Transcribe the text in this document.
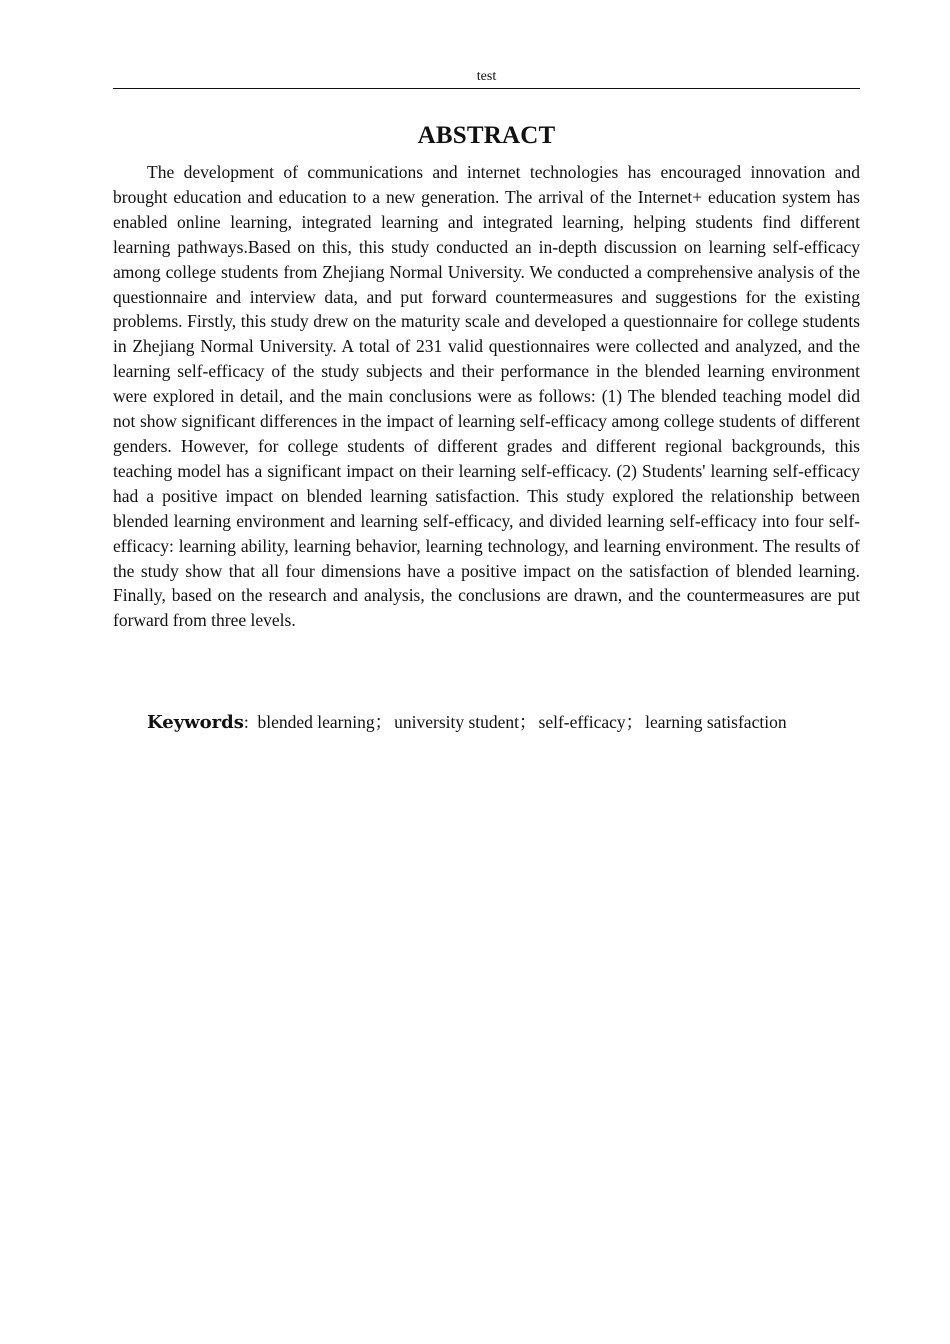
test
ABSTRACT

The development of communications and internet technologies has encouraged innovation and brought education and education to a new generation. The arrival of the Internet+ education system has enabled online learning, integrated learning and integrated learning, helping students find different learning pathways.Based on this, this study conducted an in-depth discussion on learning self-efficacy among college students from Zhejiang Normal University. We conducted a comprehensive analysis of the questionnaire and interview data, and put forward countermeasures and suggestions for the existing problems. Firstly, this study drew on the maturity scale and developed a questionnaire for college students in Zhejiang Normal University. A total of 231 valid questionnaires were collected and analyzed, and the learning self-efficacy of the study subjects and their performance in the blended learning environment were explored in detail, and the main conclusions were as follows: (1) The blended teaching model did not show significant differences in the impact of learning self-efficacy among college students of different genders. However, for college students of different grades and different regional backgrounds, this teaching model has a significant impact on their learning self-efficacy. (2) Students' learning self-efficacy had a positive impact on blended learning satisfaction. This study explored the relationship between blended learning environment and learning self-efficacy, and divided learning self-efficacy into four self-efficacy: learning ability, learning behavior, learning technology, and learning environment. The results of the study show that all four dimensions have a positive impact on the satisfaction of blended learning. Finally, based on the research and analysis, the conclusions are drawn, and the countermeasures are put forward from three levels.

Keywords: blended learning； university student； self-efficacy； learning satisfaction
